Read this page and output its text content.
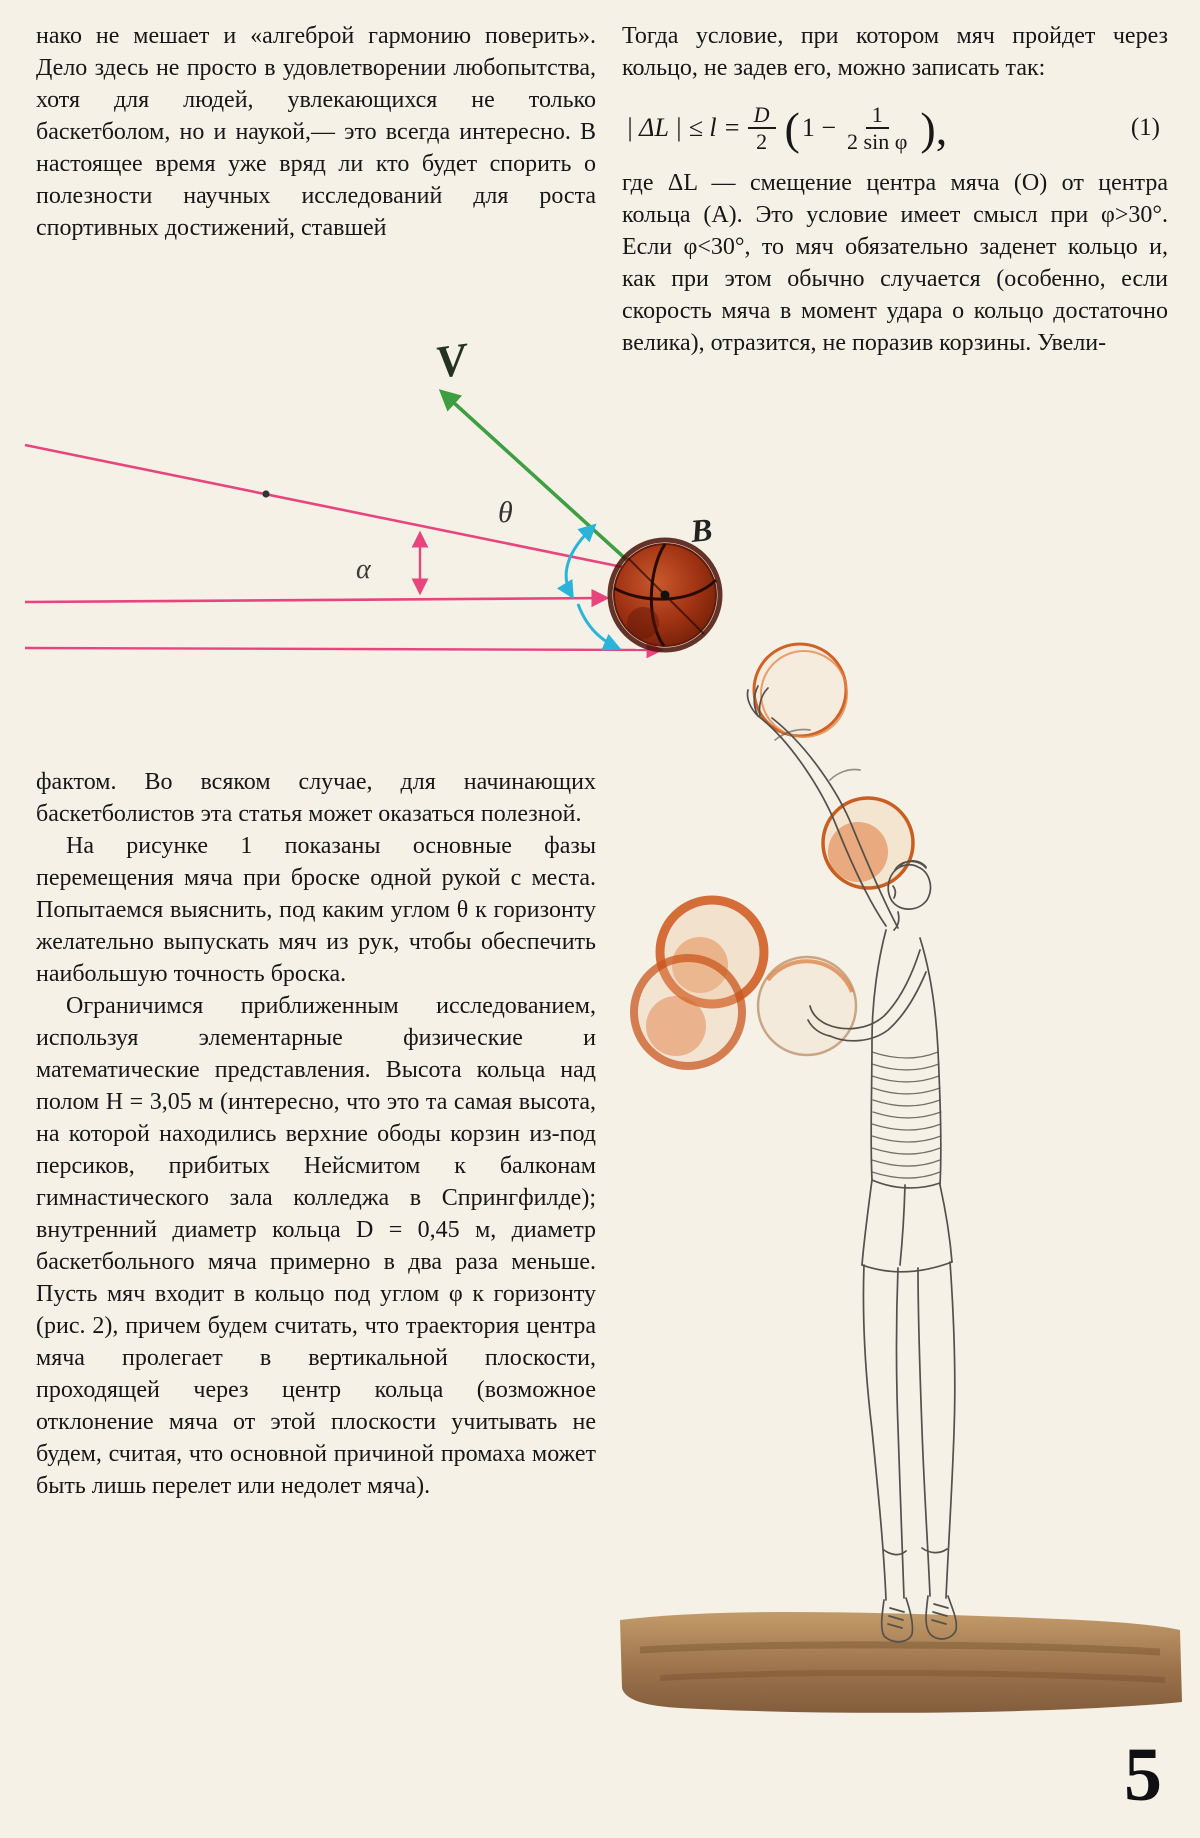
нако не мешает и «алгеброй гармонию поверить». Дело здесь не просто в удовлетворении любопытства, хотя для людей, увлекающихся не только баскетболом, но и наукой,— это всегда интересно. В настоящее время уже вряд ли кто будет спорить о полезности научных исследований для роста спортивных достижений, ставшей

Тогда условие, при котором мяч пройдет через кольцо, не задев его, можно записать так:

| ΔL | ≤ $l = \frac{D}{2}$ ( $1 - \frac{1}{\text{2 sin φ}}$ ),	(1)

где ΔL — смещение центра мяча (O) от центра кольца (A). Это условие имеет смысл при φ>30°. Если φ<30°, то мяч обязательно заденет кольцо и, как при этом обычно случается (особенно, если скорость мяча в момент удара о кольцо достаточно велика), отразится, не поразив корзины. Увели-

V
θ
α
B

фактом. Во всяком случае, для начинающих баскетболистов эта статья может оказаться полезной.

На рисунке 1 показаны основные фазы перемещения мяча при броске одной рукой с места. Попытаемся выяснить, под каким углом θ к горизонту желательно выпускать мяч из рук, чтобы обеспечить наибольшую точность броска.

Ограничимся приближенным исследованием, используя элементарные физические и математические представления. Высота кольца над полом H = 3,05 м (интересно, что это та самая высота, на которой находились верхние ободы корзин из-под персиков, прибитых Нейсмитом к балконам гимнастического зала колледжа в Спрингфилде); внутренний диаметр кольца D = 0,45 м, диаметр баскетбольного мяча примерно в два раза меньше. Пусть мяч входит в кольцо под углом φ к горизонту (рис. 2), причем будем считать, что траектория центра мяча пролегает в вертикальной плоскости, проходящей через центр кольца (возможное отклонение мяча от этой плоскости учитывать не будем, считая, что основной причиной промаха может быть лишь перелет или недолет мяча).

5
